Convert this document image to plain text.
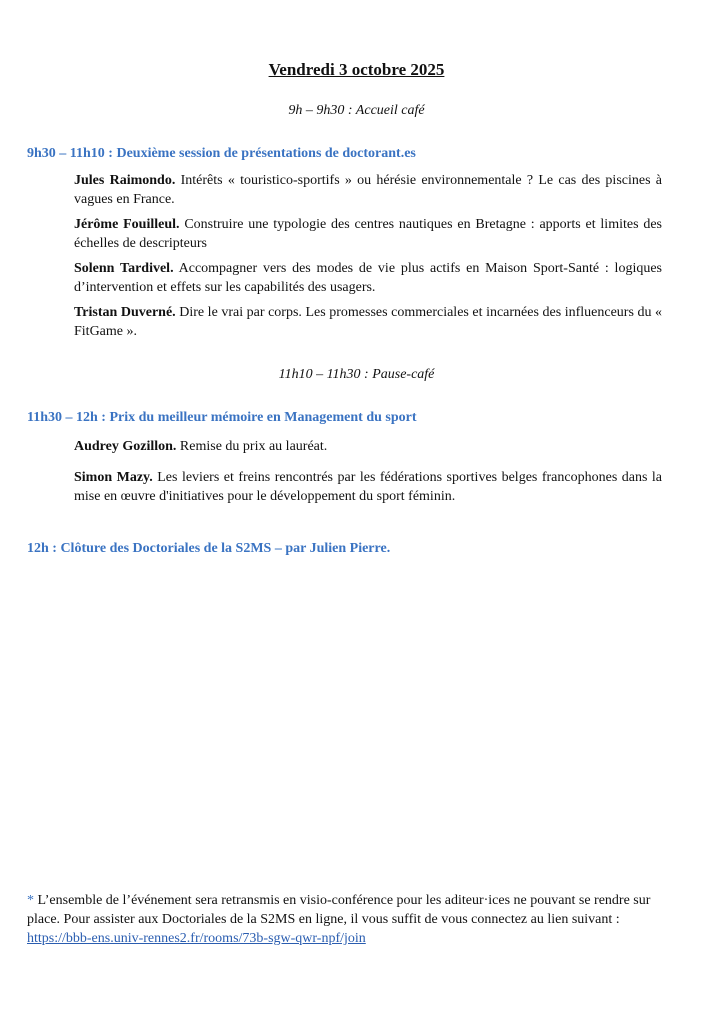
Vendredi 3 octobre 2025
9h – 9h30 : Accueil café
9h30 – 11h10 : Deuxième session de présentations de doctorant.es
Jules Raimondo. Intérêts « touristico-sportifs » ou hérésie environnementale ? Le cas des piscines à vagues en France.
Jérôme Fouilleul. Construire une typologie des centres nautiques en Bretagne : apports et limites des échelles de descripteurs
Solenn Tardivel. Accompagner vers des modes de vie plus actifs en Maison Sport-Santé : logiques d’intervention et effets sur les capabilités des usagers.
Tristan Duverné. Dire le vrai par corps. Les promesses commerciales et incarnées des influenceurs du « FitGame ».
11h10 – 11h30 : Pause-café
11h30 – 12h : Prix du meilleur mémoire en Management du sport
Audrey Gozillon. Remise du prix au lauréat.
Simon Mazy. Les leviers et freins rencontrés par les fédérations sportives belges francophones dans la mise en œuvre d'initiatives pour le développement du sport féminin.
12h : Clôture des Doctoriales de la S2MS – par Julien Pierre.
* L’ensemble de l’événement sera retransmis en visio-conférence pour les aditeur·ices ne pouvant se rendre sur place. Pour assister aux Doctoriales de la S2MS en ligne, il vous suffit de vous connectez au lien suivant : https://bbb-ens.univ-rennes2.fr/rooms/73b-sgw-qwr-npf/join
